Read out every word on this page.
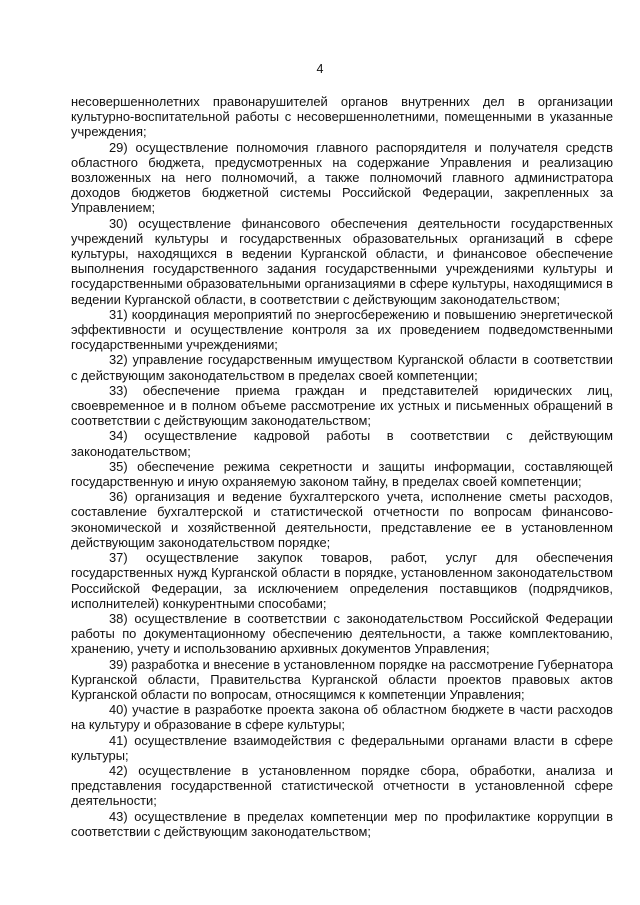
4

несовершеннолетних правонарушителей органов внутренних дел в организации культурно-воспитательной работы с несовершеннолетними, помещенными в указанные учреждения;

29) осуществление полномочия главного распорядителя и получателя средств областного бюджета, предусмотренных на содержание Управления и реализацию возложенных на него полномочий, а также полномочий главного администратора доходов бюджетов бюджетной системы Российской Федерации, закрепленных за Управлением;

30) осуществление финансового обеспечения деятельности государственных учреждений культуры и государственных образовательных организаций в сфере культуры, находящихся в ведении Курганской области, и финансовое обеспечение выполнения государственного задания государственными учреждениями культуры и государственными образовательными организациями в сфере культуры, находящимися в ведении Курганской области, в соответствии с действующим законодательством;

31) координация мероприятий по энергосбережению и повышению энергетической эффективности и осуществление контроля за их проведением подведомственными государственными учреждениями;

32) управление государственным имуществом Курганской области в соответствии с действующим законодательством в пределах своей компетенции;

33) обеспечение приема граждан и представителей юридических лиц, своевременное и в полном объеме рассмотрение их устных и письменных обращений в соответствии с действующим законодательством;

34) осуществление кадровой работы в соответствии с действующим законодательством;

35) обеспечение режима секретности и защиты информации, составляющей государственную и иную охраняемую законом тайну, в пределах своей компетенции;

36) организация и ведение бухгалтерского учета, исполнение сметы расходов, составление бухгалтерской и статистической отчетности по вопросам финансово-экономической и хозяйственной деятельности, представление ее в установленном действующим законодательством порядке;

37) осуществление закупок товаров, работ, услуг для обеспечения государственных нужд Курганской области в порядке, установленном законодательством Российской Федерации, за исключением определения поставщиков (подрядчиков, исполнителей) конкурентными способами;

38) осуществление в соответствии с законодательством Российской Федерации работы по документационному обеспечению деятельности, а также комплектованию, хранению, учету и использованию архивных документов Управления;

39) разработка и внесение в установленном порядке на рассмотрение Губернатора Курганской области, Правительства Курганской области проектов правовых актов Курганской области по вопросам, относящимся к компетенции Управления;

40) участие в разработке проекта закона об областном бюджете в части расходов на культуру и образование в сфере культуры;

41) осуществление взаимодействия с федеральными органами власти в сфере культуры;

42) осуществление в установленном порядке сбора, обработки, анализа и представления государственной статистической отчетности в установленной сфере деятельности;

43) осуществление в пределах компетенции мер по профилактике коррупции в соответствии с действующим законодательством;
